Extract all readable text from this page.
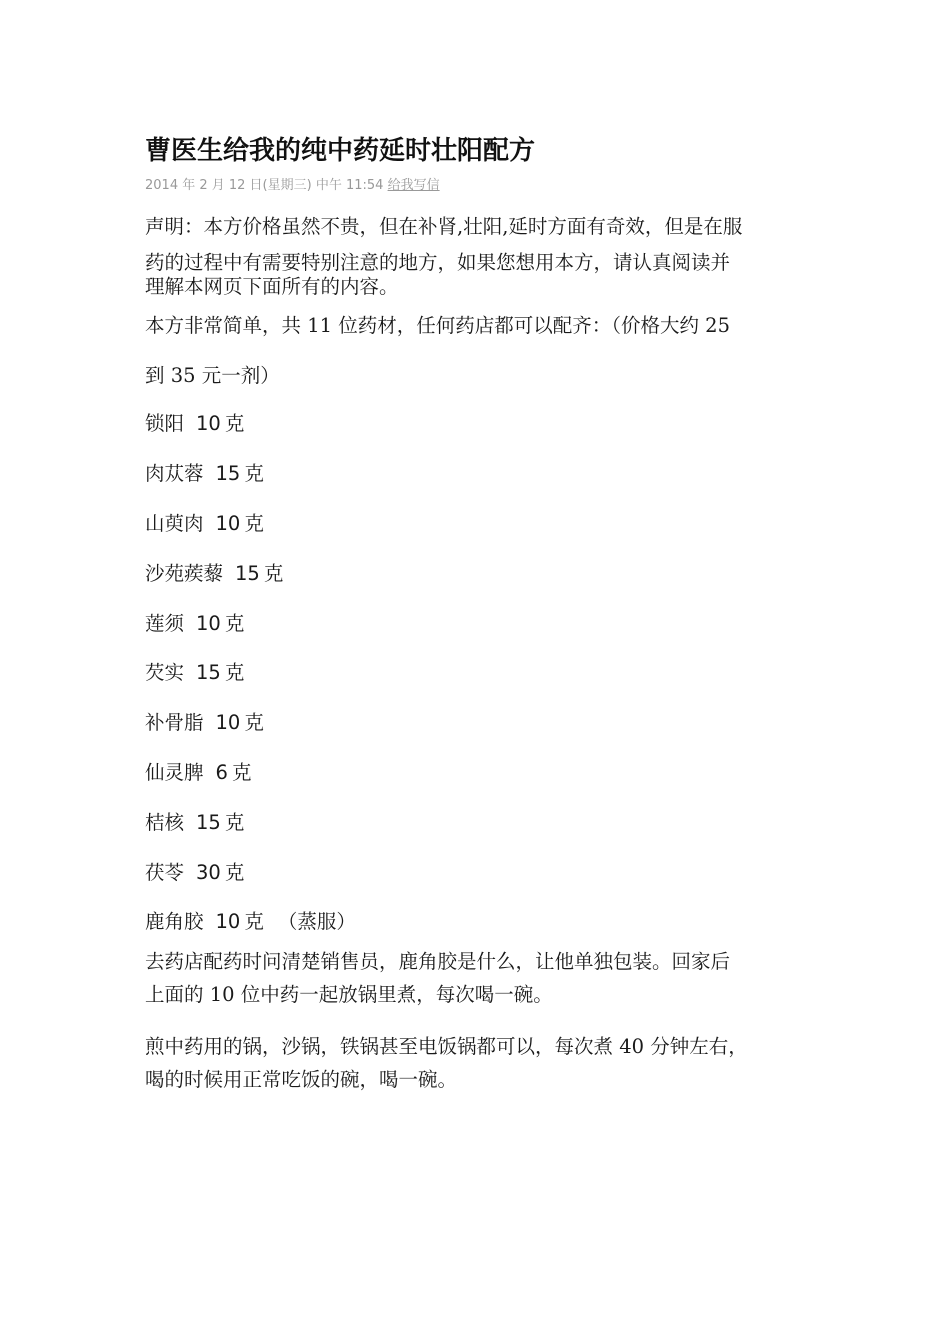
曹医生给我的纯中药延时壮阳配方
2014 年 2 月 12 日(星期三) 中午 11:54 给我写信

声明：本方价格虽然不贵，但在补肾,壮阳,延时方面有奇效，但是在服
药的过程中有需要特别注意的地方，如果您想用本方，请认真阅读并
理解本网页下面所有的内容。

本方非常简单，共 11 位药材，任何药店都可以配齐：（价格大约 25

到 35 元一剂）

锁阳 10 克

肉苁蓉 15 克

山萸肉 10 克

沙苑蒺藜 15 克

莲须 10 克

芡实 15 克

补骨脂 10 克

仙灵脾 6 克

桔核 15 克

茯苓 30 克

鹿角胶 10 克 （蒸服）

去药店配药时问清楚销售员，鹿角胶是什么，让他单独包装。回家后
上面的 10 位中药一起放锅里煮，每次喝一碗。

煎中药用的锅，沙锅，铁锅甚至电饭锅都可以，每次煮 40 分钟左右，
喝的时候用正常吃饭的碗，喝一碗。
